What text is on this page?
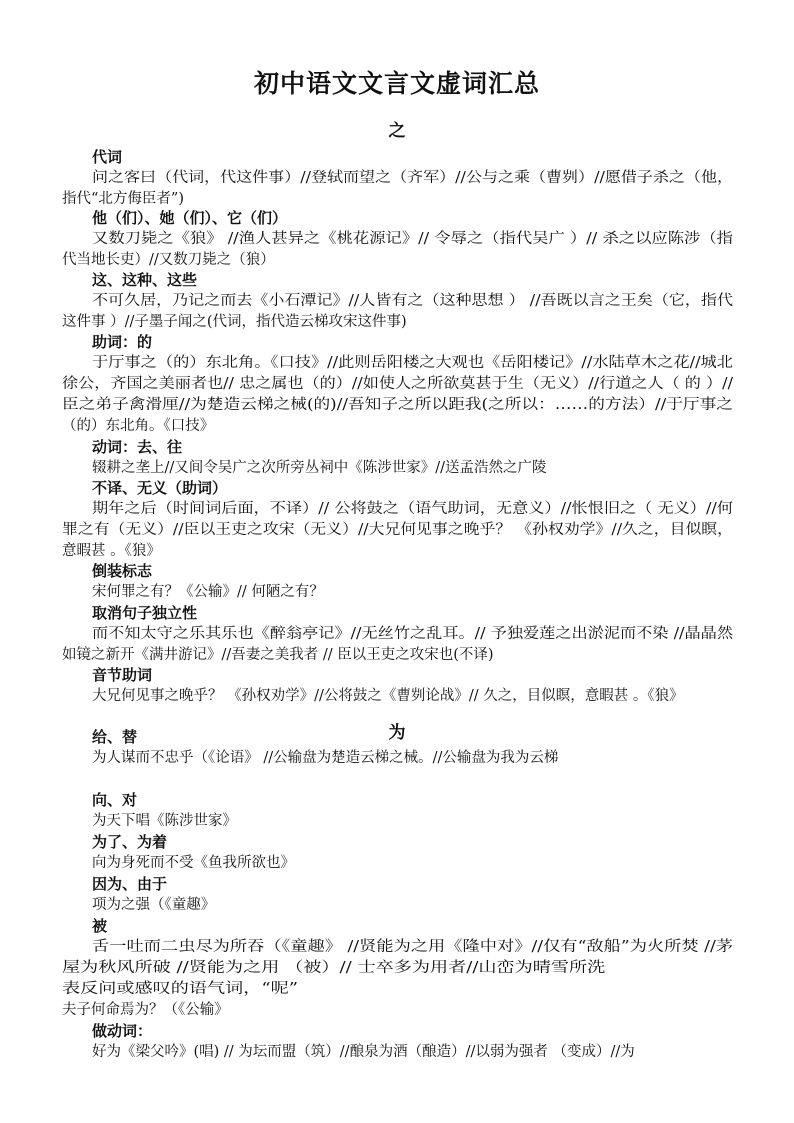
初中语文文言文虚词汇总
之
代词
问之客曰（代词，代这件事）//登轼而望之（齐军）//公与之乘（曹刿）//愿借子杀之（他，
指代“北方侮臣者”)
他（们）、她（们）、它（们）
又数刀毙之《狼》 //渔人甚异之《桃花源记》// 令辱之（指代吴广 ）// 杀之以应陈涉（指
代当地长吏）//又数刀毙之（狼）
这、这种、这些
不可久居，乃记之而去《小石潭记》//人皆有之（这种思想 ） //吾既以言之王矣（它，指代
这件事 ）//子墨子闻之(代词，指代造云梯攻宋这件事)
助词：的
于厅事之（的）东北角。《口技》//此则岳阳楼之大观也《岳阳楼记》//水陆草木之花//城北
徐公，齐国之美丽者也// 忠之属也（的）//如使人之所欲莫甚于生（无义）//行道之人（ 的 ）//
臣之弟子禽滑厘//为楚造云梯之械(的)//吾知子之所以距我(之所以：……的方法）//于厅事之
（的）东北角。《口技》
动词：去、往
辍耕之垄上//又间令吴广之次所旁丛祠中《陈涉世家》//送孟浩然之广陵
不译、无义（助词）
期年之后（时间词后面，不译）// 公将鼓之（语气助词，无意义）//怅恨旧之（ 无义）//何
罪之有（无义）//臣以王吏之攻宋（无义）//大兄何见事之晚乎？ 《孙权劝学》//久之，目似瞑，
意暇甚 。《狼》
倒装标志
宋何罪之有？《公输》// 何陋之有？
取消句子独立性
而不知太守之乐其乐也《醉翁亭记》//无丝竹之乱耳。// 予独爱莲之出淤泥而不染 //晶晶然
如镜之新开《满井游记》//吾妻之美我者 // 臣以王吏之攻宋也(不译)
音节助词
大兄何见事之晚乎？ 《孙权劝学》//公将鼓之《曹刿论战》// 久之，目似瞑，意暇甚 。《狼》
为
给、替
为人谋而不忠乎（《论语》 //公输盘为楚造云梯之械。//公输盘为我为云梯
向、对
为天下唱《陈涉世家》
为了、为着
向为身死而不受《鱼我所欲也》
因为、由于
项为之强（《童趣》
被
舌一吐而二虫尽为所吞（《童趣》 //贤能为之用《隆中对》//仅有“敌船”为火所焚 //茅
屋为秋风所破 //贤能为之用 （被）// 士卒多为用者//山峦为晴雪所洗
表反问或感叹的语气词，“呢”
夫子何命焉为？（《公输》
做动词：
好为《梁父吟》(唱) // 为坛而盟（筑）//酿泉为酒（酿造）//以弱为强者 （变成）//为
